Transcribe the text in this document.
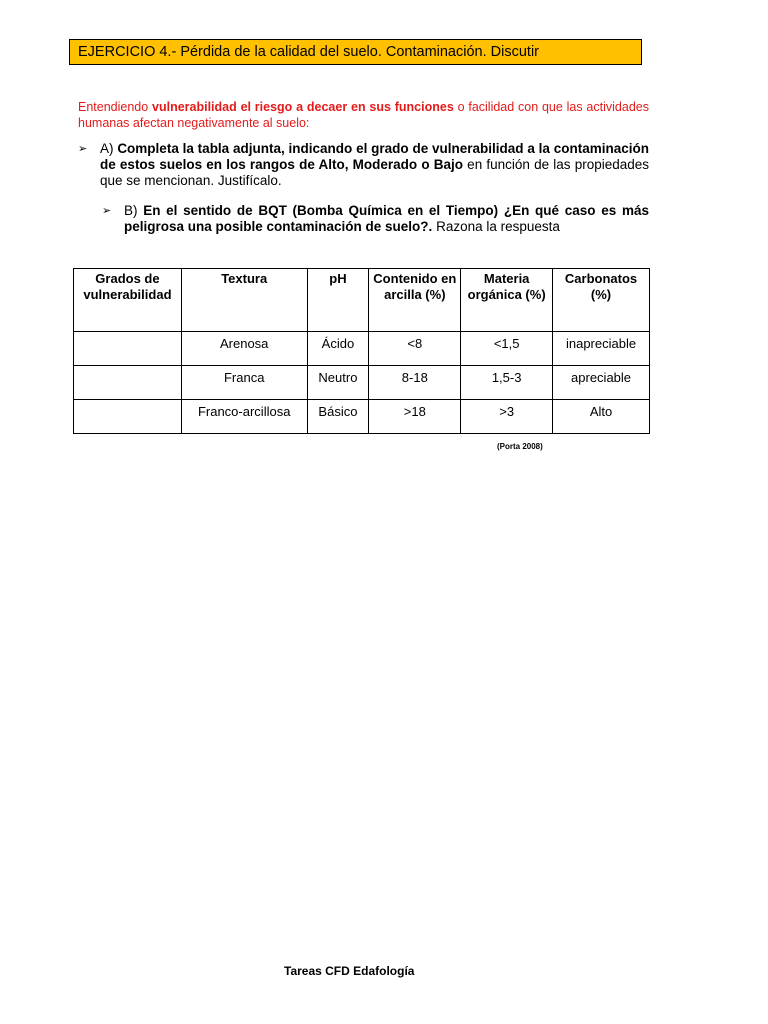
EJERCICIO 4.- Pérdida de la calidad del suelo. Contaminación. Discutir
Entendiendo vulnerabilidad el riesgo a decaer en sus funciones o facilidad con que las actividades humanas afectan negativamente al suelo:
➢ A) Completa la tabla adjunta, indicando el grado de vulnerabilidad a la contaminación de estos suelos en los rangos de Alto, Moderado o Bajo en función de las propiedades que se mencionan. Justifícalo.
➢ B) En el sentido de BQT (Bomba Química en el Tiempo) ¿En qué caso es más peligrosa una posible contaminación de suelo?. Razona la respuesta
Grados de vulnerabilidad	Textura	pH	Contenido en arcilla (%)	Materia orgánica (%)	Carbonatos (%)
	Arenosa	Ácido	<8	<1,5	inapreciable
	Franca	Neutro	8-18	1,5-3	apreciable
	Franco-arcillosa	Básico	>18	>3	Alto
(Porta 2008)
Tareas CFD Edafología
